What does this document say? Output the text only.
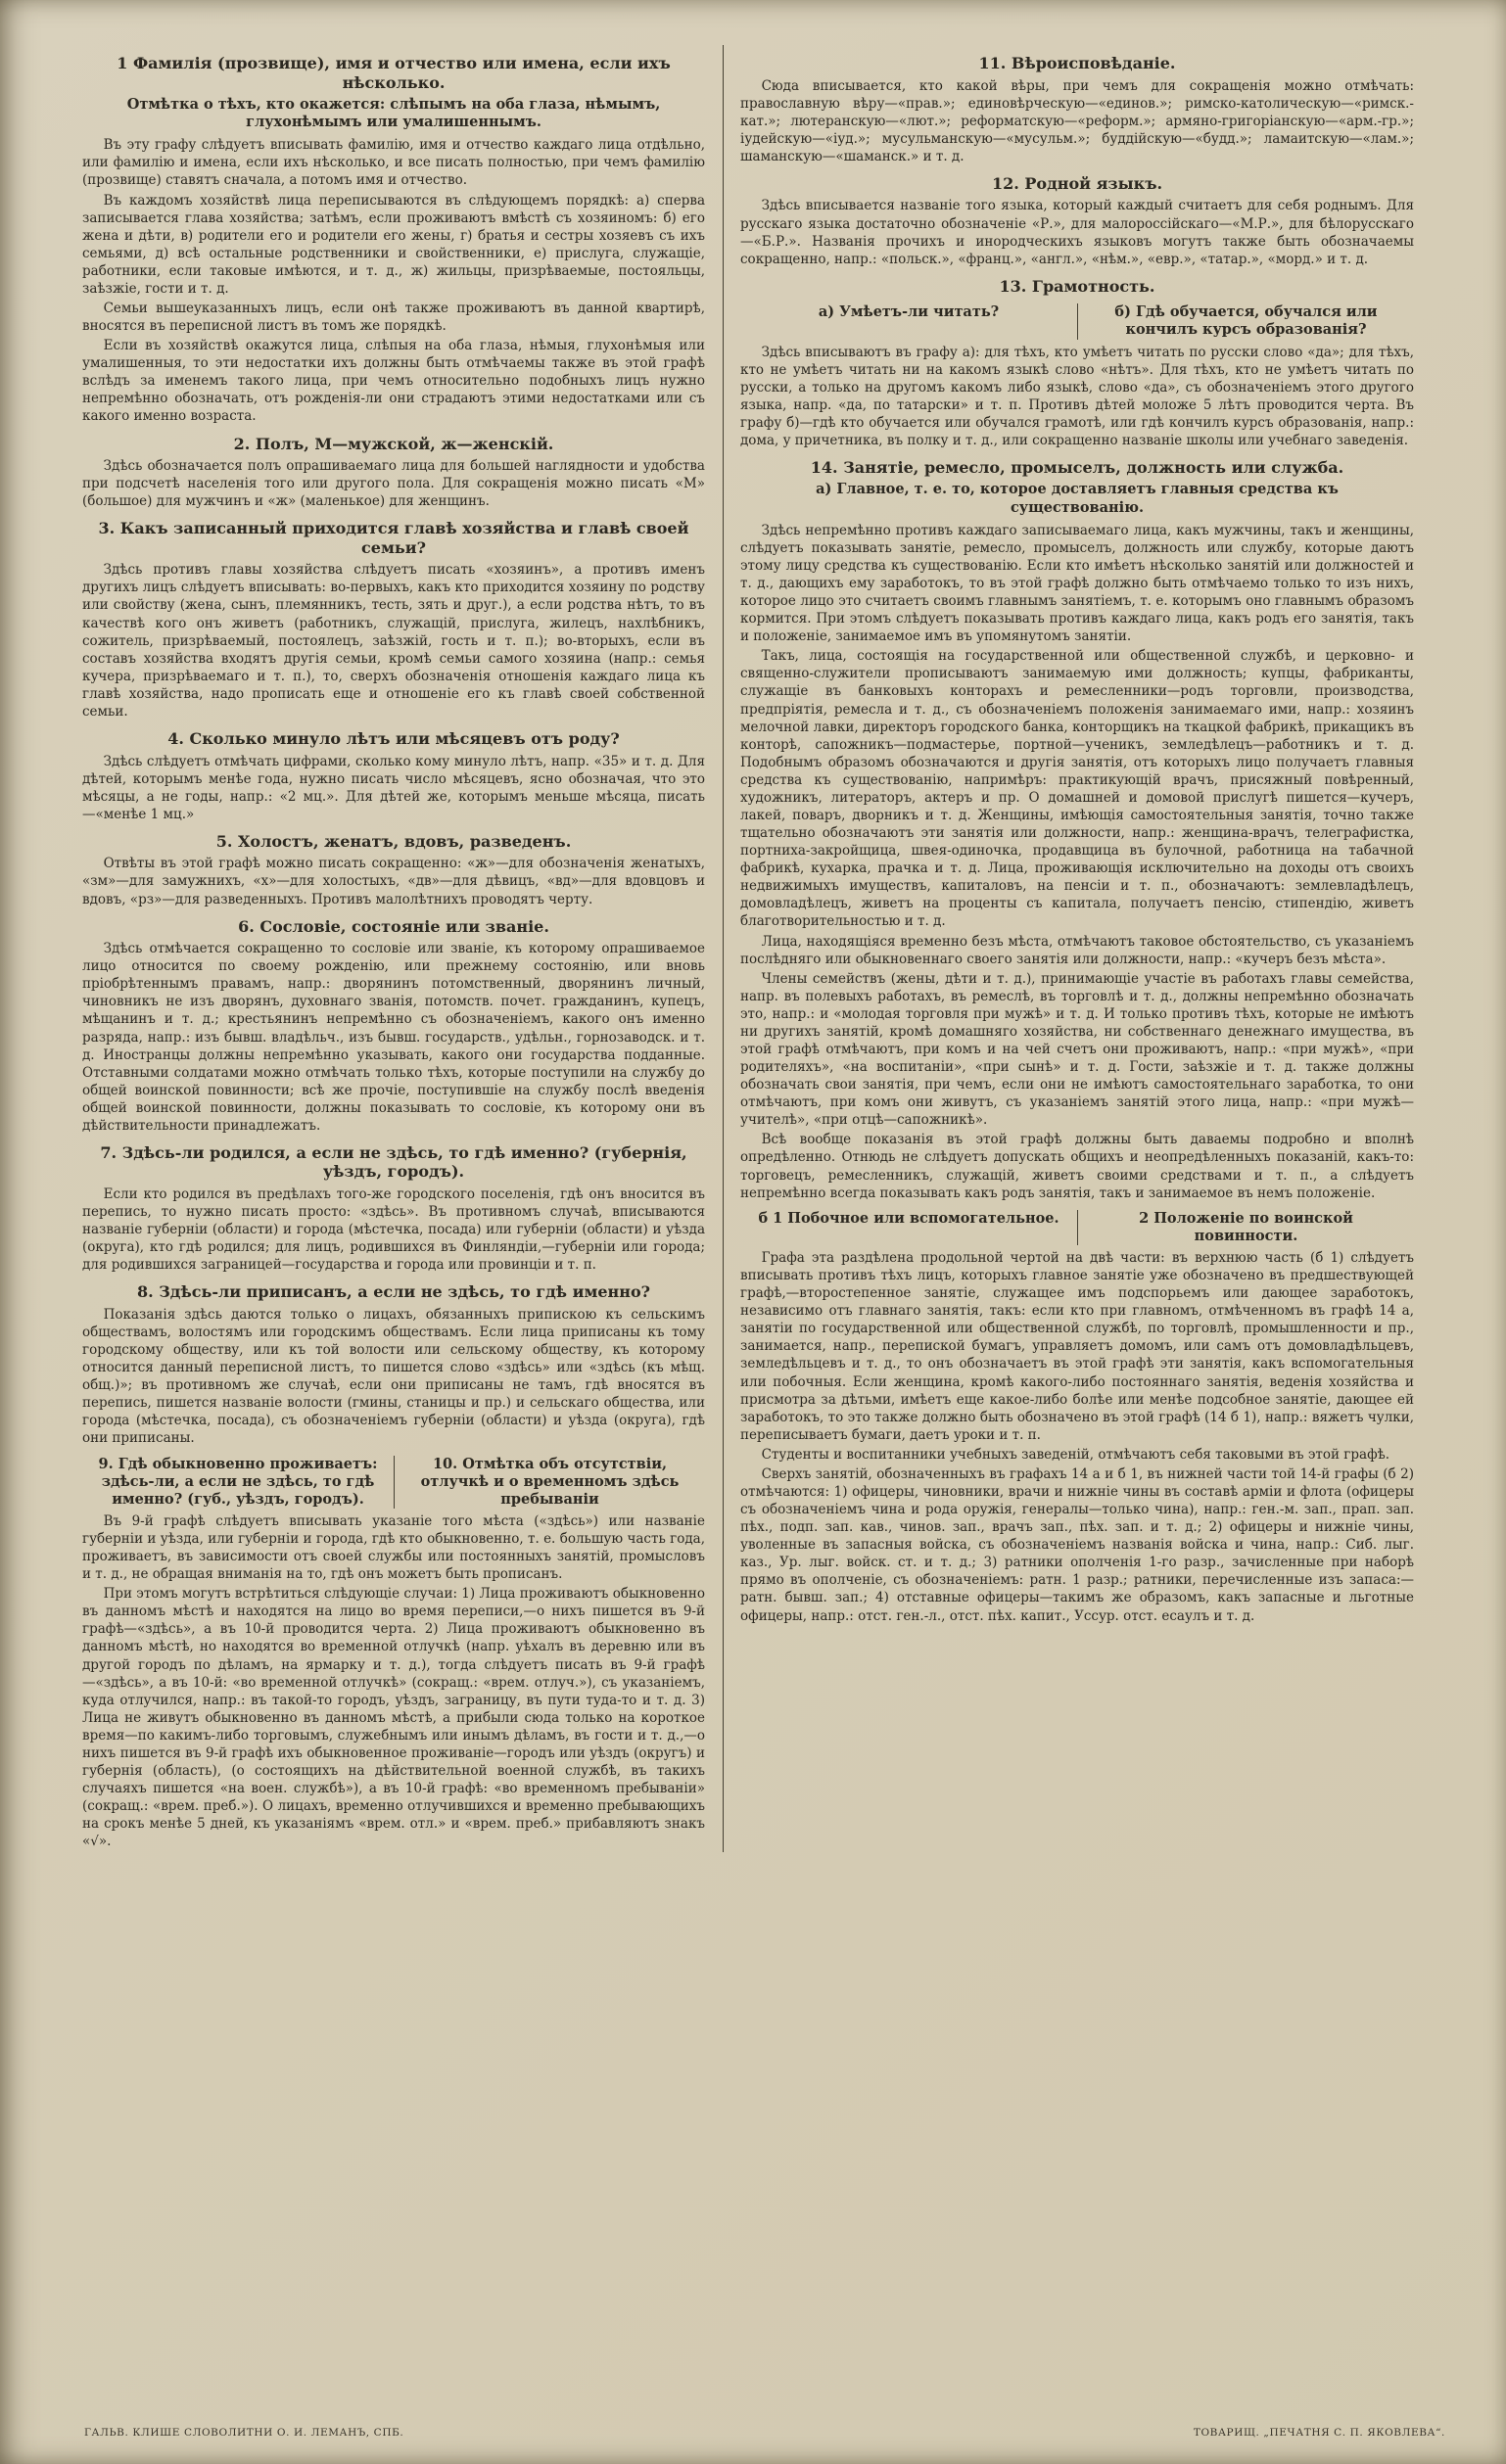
1 Фамилія (прозвище), имя и отчество или имена, если ихъ нѣсколько.
Отмѣтка о тѣхъ, кто окажется: слѣпымъ на оба глаза, нѣмымъ, глухонѣмымъ или умалишеннымъ.

Въ эту графу слѣдуетъ вписывать фамилію, имя и отчество каждаго лица отдѣльно, или фамилію и имена, если ихъ нѣсколько, и все писать полностью, при чемъ фамилію (прозвище) ставятъ сначала, а потомъ имя и отчество.

Въ каждомъ хозяйствѣ лица переписываются въ слѣдующемъ порядкѣ: а) сперва записывается глава хозяйства; затѣмъ, если проживаютъ вмѣстѣ съ хозяиномъ: б) его жена и дѣти, в) родители его и родители его жены, г) братья и сестры хозяевъ съ ихъ семьями, д) всѣ остальные родственники и свойственники, е) прислуга, служащіе, работники, если таковые имѣются, и т. д., ж) жильцы, призрѣваемые, постояльцы, заѣзжіе, гости и т. д.

Семьи вышеуказанныхъ лицъ, если онѣ также проживаютъ въ данной квартирѣ, вносятся въ переписной листъ въ томъ же порядкѣ.

Если въ хозяйствѣ окажутся лица, слѣпыя на оба глаза, нѣмыя, глухонѣмыя или умалишенныя, то эти недостатки ихъ должны быть отмѣчаемы также въ этой графѣ вслѣдъ за именемъ такого лица, при чемъ относительно подобныхъ лицъ нужно непремѣнно обозначать, отъ рожденія-ли они страдаютъ этими недостатками или съ какого именно возраста.

2. Полъ, М—мужской, ж—женскій.

Здѣсь обозначается полъ опрашиваемаго лица для большей наглядности и удобства при подсчетѣ населенія того или другого пола. Для сокращенія можно писать «М» (большое) для мужчинъ и «ж» (маленькое) для женщинъ.

3. Какъ записанный приходится главѣ хозяйства и главѣ своей семьи?

Здѣсь противъ главы хозяйства слѣдуетъ писать «хозяинъ», а противъ именъ другихъ лицъ слѣдуетъ вписывать: во-первыхъ, какъ кто приходится хозяину по родству или свойству (жена, сынъ, племянникъ, тесть, зять и друг.), а если родства нѣтъ, то въ качествѣ кого онъ живетъ (работникъ, служащій, прислуга, жилецъ, нахлѣбникъ, сожитель, призрѣваемый, постоялецъ, заѣзжій, гость и т. п.); во-вторыхъ, если въ составъ хозяйства входятъ другія семьи, кромѣ семьи самого хозяина (напр.: семья кучера, призрѣваемаго и т. п.), то, сверхъ обозначенія отношенія каждаго лица къ главѣ хозяйства, надо прописать еще и отношеніе его къ главѣ своей собственной семьи.

4. Сколько минуло лѣтъ или мѣсяцевъ отъ роду?

Здѣсь слѣдуетъ отмѣчать цифрами, сколько кому минуло лѣтъ, напр. «35» и т. д. Для дѣтей, которымъ менѣе года, нужно писать число мѣсяцевъ, ясно обозначая, что это мѣсяцы, а не годы, напр.: «2 мц.». Для дѣтей же, которымъ меньше мѣсяца, писать—«менѣе 1 мц.»

5. Холостъ, женатъ, вдовъ, разведенъ.

Отвѣты въ этой графѣ можно писать сокращенно: «ж»—для обозначенія женатыхъ, «зм»—для замужнихъ, «х»—для холостыхъ, «дв»—для дѣвицъ, «вд»—для вдовцовъ и вдовъ, «рз»—для разведенныхъ. Противъ малолѣтнихъ проводятъ черту.

6. Сословіе, состояніе или званіе.

Здѣсь отмѣчается сокращенно то сословіе или званіе, къ которому опрашиваемое лицо относится по своему рожденію, или прежнему состоянію, или вновь пріобрѣтеннымъ правамъ, напр.: дворянинъ потомственный, дворянинъ личный, чиновникъ не изъ дворянъ, духовнаго званія, потомств. почет. гражданинъ, купецъ, мѣщанинъ и т. д.; крестьянинъ непремѣнно съ обозначеніемъ, какого онъ именно разряда, напр.: изъ бывш. владѣльч., изъ бывш. государств., удѣльн., горнозаводск. и т. д. Иностранцы должны непремѣнно указывать, какого они государства подданные. Отставными солдатами можно отмѣчать только тѣхъ, которые поступили на службу до общей воинской повинности; всѣ же прочіе, поступившіе на службу послѣ введенія общей воинской повинности, должны показывать то сословіе, къ которому они въ дѣйствительности принадлежатъ.

7. Здѣсь-ли родился, а если не здѣсь, то гдѣ именно? (губернія, уѣздъ, городъ).

Если кто родился въ предѣлахъ того-же городского поселенія, гдѣ онъ вносится въ перепись, то нужно писать просто: «здѣсь». Въ противномъ случаѣ, вписываются названіе губерніи (области) и города (мѣстечка, посада) или губерніи (области) и уѣзда (округа), кто гдѣ родился; для лицъ, родившихся въ Финляндіи,—губерніи или города; для родившихся заграницей—государства и города или провинціи и т. п.

8. Здѣсь-ли приписанъ, а если не здѣсь, то гдѣ именно?

Показанія здѣсь даются только о лицахъ, обязанныхъ припискою къ сельскимъ обществамъ, волостямъ или городскимъ обществамъ. Если лица приписаны къ тому городскому обществу, или къ той волости или сельскому обществу, къ которому относится данный переписной листъ, то пишется слово «здѣсь» или «здѣсь (къ мѣщ. общ.)»; въ противномъ же случаѣ, если они приписаны не тамъ, гдѣ вносятся въ перепись, пишется названіе волости (гмины, станицы и пр.) и сельскаго общества, или города (мѣстечка, посада), съ обозначеніемъ губерніи (области) и уѣзда (округа), гдѣ они приписаны.

9. Гдѣ обыкновенно проживаетъ: здѣсь-ли, а если не здѣсь, то гдѣ именно? (губ., уѣздъ, городъ).
10. Отмѣтка объ отсутствіи, отлучкѣ и о временномъ здѣсь пребываніи

Въ 9-й графѣ слѣдуетъ вписывать указаніе того мѣста («здѣсь») или названіе губерніи и уѣзда, или губерніи и города, гдѣ кто обыкновенно, т. е. большую часть года, проживаетъ, въ зависимости отъ своей службы или постоянныхъ занятій, промысловъ и т. д., не обращая вниманія на то, гдѣ онъ можетъ быть прописанъ.

При этомъ могутъ встрѣтиться слѣдующіе случаи: 1) Лица проживаютъ обыкновенно въ данномъ мѣстѣ и находятся на лицо во время переписи,—о нихъ пишется въ 9-й графѣ—«здѣсь», а въ 10-й проводится черта. 2) Лица проживаютъ обыкновенно въ данномъ мѣстѣ, но находятся во временной отлучкѣ (напр. уѣхалъ въ деревню или въ другой городъ по дѣламъ, на ярмарку и т. д.), тогда слѣдуетъ писать въ 9-й графѣ—«здѣсь», а въ 10-й: «во временной отлучкѣ» (сокращ.: «врем. отлуч.»), съ указаніемъ, куда отлучился, напр.: въ такой-то городъ, уѣздъ, заграницу, въ пути туда-то и т. д. 3) Лица не живутъ обыкновенно въ данномъ мѣстѣ, а прибыли сюда только на короткое время—по какимъ-либо торговымъ, служебнымъ или инымъ дѣламъ, въ гости и т. д.,—о нихъ пишется въ 9-й графѣ ихъ обыкновенное проживаніе—городъ или уѣздъ (округъ) и губернія (область), (о состоящихъ на дѣйствительной военной службѣ, въ такихъ случаяхъ пишется «на воен. службѣ»), а въ 10-й графѣ: «во временномъ пребываніи» (сокращ.: «врем. преб.»). О лицахъ, временно отлучившихся и временно пребывающихъ на срокъ менѣе 5 дней, къ указаніямъ «врем. отл.» и «врем. преб.» прибавляютъ знакъ «√».

11. Вѣроисповѣданіе.

Сюда вписывается, кто какой вѣры, при чемъ для сокращенія можно отмѣчать: православную вѣру—«прав.»; единовѣрческую—«единов.»; римско-католическую—«римск.-кат.»; лютеранскую—«лют.»; реформатскую—«реформ.»; армяно-григоріанскую—«арм.-гр.»; іудейскую—«іуд.»; мусульманскую—«мусульм.»; буддійскую—«будд.»; ламаитскую—«лам.»; шаманскую—«шаманск.» и т. д.

12. Родной языкъ.

Здѣсь вписывается названіе того языка, который каждый считаетъ для себя роднымъ. Для русскаго языка достаточно обозначеніе «Р.», для малороссійскаго—«М.Р.», для бѣлорусскаго—«Б.Р.». Названія прочихъ и инородческихъ языковъ могутъ также быть обозначаемы сокращенно, напр.: «польск.», «франц.», «англ.», «нѣм.», «евр.», «татар.», «морд.» и т. д.

13. Грамотность.
а) Умѣетъ-ли читать?	б) Гдѣ обучается, обучался или кончилъ курсъ образованія?

Здѣсь вписываютъ въ графу а): для тѣхъ, кто умѣетъ читать по русски слово «да»; для тѣхъ, кто не умѣетъ читать ни на какомъ языкѣ слово «нѣтъ». Для тѣхъ, кто не умѣетъ читать по русски, а только на другомъ какомъ либо языкѣ, слово «да», съ обозначеніемъ этого другого языка, напр. «да, по татарски» и т. п. Противъ дѣтей моложе 5 лѣтъ проводится черта. Въ графу б)—гдѣ кто обучается или обучался грамотѣ, или гдѣ кончилъ курсъ образованія, напр.: дома, у причетника, въ полку и т. д., или сокращенно названіе школы или учебнаго заведенія.

14. Занятіе, ремесло, промыселъ, должность или служба.
а) Главное, т. е. то, которое доставляетъ главныя средства къ существованію.

Здѣсь непремѣнно противъ каждаго записываемаго лица, какъ мужчины, такъ и женщины, слѣдуетъ показывать занятіе, ремесло, промыселъ, должность или службу, которые даютъ этому лицу средства къ существованію. Если кто имѣетъ нѣсколько занятій или должностей и т. д., дающихъ ему заработокъ, то въ этой графѣ должно быть отмѣчаемо только то изъ нихъ, которое лицо это считаетъ своимъ главнымъ занятіемъ, т. е. которымъ оно главнымъ образомъ кормится. При этомъ слѣдуетъ показывать противъ каждаго лица, какъ родъ его занятія, такъ и положеніе, занимаемое имъ въ упомянутомъ занятіи.

Такъ, лица, состоящія на государственной или общественной службѣ, и церковно- и священно-служители прописываютъ занимаемую ими должность; купцы, фабриканты, служащіе въ банковыхъ конторахъ и ремесленники—родъ торговли, производства, предпріятія, ремесла и т. д., съ обозначеніемъ положенія занимаемаго ими, напр.: хозяинъ мелочной лавки, директоръ городского банка, конторщикъ на ткацкой фабрикѣ, прикащикъ въ конторѣ, сапожникъ—подмастерье, портной—ученикъ, земледѣлецъ—работникъ и т. д. Подобнымъ образомъ обозначаются и другія занятія, отъ которыхъ лицо получаетъ главныя средства къ существованію, напримѣръ: практикующій врачъ, присяжный повѣренный, художникъ, литераторъ, актеръ и пр. О домашней и домовой прислугѣ пишется—кучеръ, лакей, поваръ, дворникъ и т. д. Женщины, имѣющія самостоятельныя занятія, точно также тщательно обозначаютъ эти занятія или должности, напр.: женщина-врачъ, телеграфистка, портниха-закройщица, швея-одиночка, продавщица въ булочной, работница на табачной фабрикѣ, кухарка, прачка и т. д. Лица, проживающія исключительно на доходы отъ своихъ недвижимыхъ имуществъ, капиталовъ, на пенсіи и т. п., обозначаютъ: землевладѣлецъ, домовладѣлецъ, живетъ на проценты съ капитала, получаетъ пенсію, стипендію, живетъ благотворительностью и т. д.

Лица, находящіяся временно безъ мѣста, отмѣчаютъ таковое обстоятельство, съ указаніемъ послѣдняго или обыкновеннаго своего занятія или должности, напр.: «кучеръ безъ мѣста».

Члены семействъ (жены, дѣти и т. д.), принимающіе участіе въ работахъ главы семейства, напр. въ полевыхъ работахъ, въ ремеслѣ, въ торговлѣ и т. д., должны непремѣнно обозначать это, напр.: и «молодая торговля при мужѣ» и т. д. И только противъ тѣхъ, которые не имѣютъ ни другихъ занятій, кромѣ домашняго хозяйства, ни собственнаго денежнаго имущества, въ этой графѣ отмѣчаютъ, при комъ и на чей счетъ они проживаютъ, напр.: «при мужѣ», «при родителяхъ», «на воспитаніи», «при сынѣ» и т. д. Гости, заѣзжіе и т. д. также должны обозначать свои занятія, при чемъ, если они не имѣютъ самостоятельнаго заработка, то они отмѣчаютъ, при комъ они живутъ, съ указаніемъ занятій этого лица, напр.: «при мужѣ—учителѣ», «при отцѣ—сапожникѣ».

Всѣ вообще показанія въ этой графѣ должны быть даваемы подробно и вполнѣ опредѣленно. Отнюдь не слѣдуетъ допускать общихъ и неопредѣленныхъ показаній, какъ-то: торговецъ, ремесленникъ, служащій, живетъ своими средствами и т. п., а слѣдуетъ непремѣнно всегда показывать какъ родъ занятія, такъ и занимаемое въ немъ положеніе.

б 1 Побочное или вспомогательное.	2 Положеніе по воинской повинности.

Графа эта раздѣлена продольной чертой на двѣ части: въ верхнюю часть (б 1) слѣдуетъ вписывать противъ тѣхъ лицъ, которыхъ главное занятіе уже обозначено въ предшествующей графѣ,—второстепенное занятіе, служащее имъ подспорьемъ или дающее заработокъ, независимо отъ главнаго занятія, такъ: если кто при главномъ, отмѣченномъ въ графѣ 14 а, занятіи по государственной или общественной службѣ, по торговлѣ, промышленности и пр., занимается, напр., перепиской бумагъ, управляетъ домомъ, или самъ отъ домовладѣльцевъ, земледѣльцевъ и т. д., то онъ обозначаетъ въ этой графѣ эти занятія, какъ вспомогательныя или побочныя. Если женщина, кромѣ какого-либо постояннаго занятія, веденія хозяйства и присмотра за дѣтьми, имѣетъ еще какое-либо болѣе или менѣе подсобное занятіе, дающее ей заработокъ, то это также должно быть обозначено въ этой графѣ (14 б 1), напр.: вяжетъ чулки, переписываетъ бумаги, даетъ уроки и т. п.

Студенты и воспитанники учебныхъ заведеній, отмѣчаютъ себя таковыми въ этой графѣ.

Сверхъ занятій, обозначенныхъ въ графахъ 14 а и б 1, въ нижней части той 14-й графы (б 2) отмѣчаются: 1) офицеры, чиновники, врачи и нижніе чины въ составѣ арміи и флота (офицеры съ обозначеніемъ чина и рода оружія, генералы—только чина), напр.: ген.-м. зап., прап. зап. пѣх., подп. зап. кав., чинов. зап., врачъ зап., пѣх. зап. и т. д.; 2) офицеры и нижніе чины, уволенные въ запасныя войска, съ обозначеніемъ названія войска и чина, напр.: Сиб. лыг. каз., Ур. лыг. войск. ст. и т. д.; 3) ратники ополченія 1-го разр., зачисленные при наборѣ прямо въ ополченіе, съ обозначеніемъ: ратн. 1 разр.; ратники, перечисленные изъ запаса:—ратн. бывш. зап.; 4) отставные офицеры—такимъ же образомъ, какъ запасные и льготные офицеры, напр.: отст. ген.-л., отст. пѣх. капит., Уссур. отст. есаулъ и т. д.

ГАЛЬВ. КЛИШЕ СЛОВОЛИТНИ О. И. ЛЕМАНЪ, СПБ.	ТОВАРИЩ. „ПЕЧАТНЯ С. П. ЯКОВЛЕВА“.
